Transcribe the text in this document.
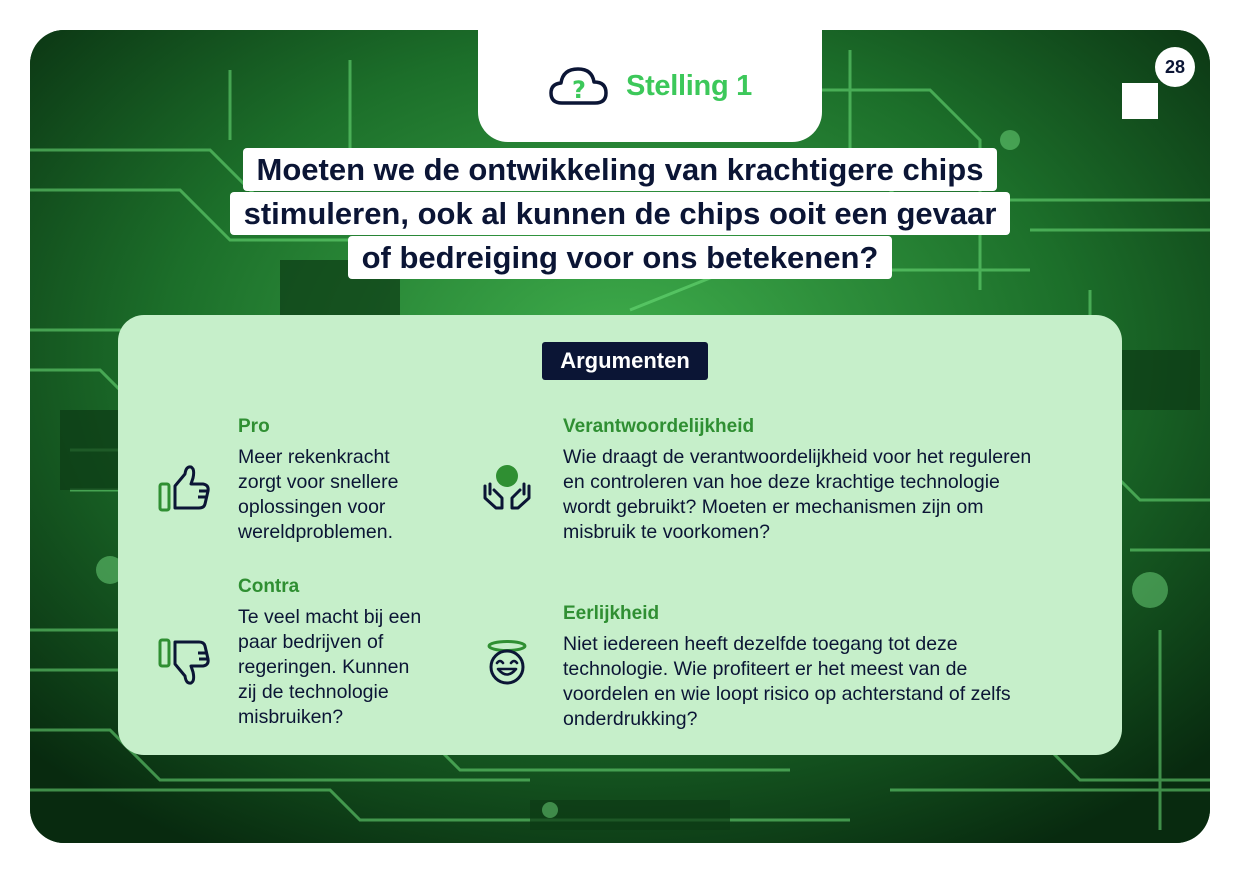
? Stelling 1
28
Moeten we de ontwikkeling van krachtigere chips
stimuleren, ook al kunnen de chips ooit een gevaar
of bedreiging voor ons betekenen?
Argumenten
Pro
Meer rekenkracht
zorgt voor snellere
oplossingen voor
wereldproblemen.
Contra
Te veel macht bij een
paar bedrijven of
regeringen. Kunnen
zij de technologie
misbruiken?
Verantwoordelijkheid
Wie draagt de verantwoordelijkheid voor het reguleren
en controleren van hoe deze krachtige technologie
wordt gebruikt? Moeten er mechanismen zijn om
misbruik te voorkomen?
Eerlijkheid
Niet iedereen heeft dezelfde toegang tot deze
technologie. Wie profiteert er het meest van de
voordelen en wie loopt risico op achterstand of zelfs
onderdrukking?
